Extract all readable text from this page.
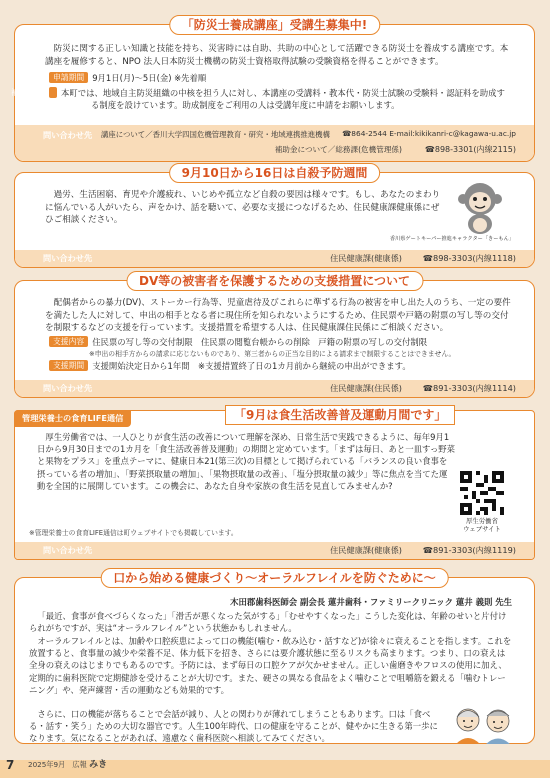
「防災士養成講座」受講生募集中!
防災に関する正しい知識と技能を持ち、災害時には自助、共助の中心として活躍できる防災士を養成する講座です。本講座を履修すると、NPO 法人日本防災士機構の防災士資格取得試験の受験資格を得ることができます。
申請期間 9月1日(月)〜5日(金) ※先着順
補 助 金	本町では、地域自主防災組織の中核を担う人に対し、本講座の受講料・教本代・防災士試験の受験料・認証料を助成する制度を設けています。助成制度をご利用の人は受講年度に申請をお願いします。
問い合わせ先 講座について／香川大学四国危機管理教育・研究・地域連携推進機構 ☎864-2544 E-mail:kikikanri-c@kagawa-u.ac.jp
補助金について／総務課(危機管理係)	☎898-3301(内線2115)
9月10日から16日は自殺予防週間
過労、生活困窮、育児や介護疲れ、いじめや孤立など自殺の要因は様々です。もし、あなたのまわりに悩んでいる人がいたら、声をかけ、話を聴いて、必要な支援につなげるため、住民健康課健康係にぜひご相談ください。
香川県ゲートキーパー推進キャラクター「きーもん」
問い合わせ先	住民健康課(健康係)	☎898-3303(内線1118)
DV等の被害者を保護するための支援措置について
配偶者からの暴力(DV)、ストーカー行為等、児童虐待及びこれらに準ずる行為の被害を申し出た人のうち、一定の要件を満たした人に対して、申出の相手となる者に現住所を知られないようにするため、住民票や戸籍の附票の写し等の交付を制限するなどの支援を行っています。支援措置を希望する人は、住民健康課住民係にご相談ください。
支援内容 住民票の写し等の交付制限　住民票の閲覧台帳からの削除　戸籍の附票の写しの交付制限
※申出の相手方からの請求に応じないものであり、第三者からの正当な目的による請求まで制限することはできません。
支援期間 支援開始決定日から1年間　※支援措置終了日の1カ月前から継続の申出ができます。
問い合わせ先	住民健康課(住民係)	☎891-3303(内線1114)
管理栄養士の食育LIFE通信	「9月は食生活改善普及運動月間です」
厚生労働省では、一人ひとりが食生活の改善について理解を深め、日常生活で実践できるように、毎年9月1日から9月30日までの1カ月を「食生活改善普及運動」の期間と定めています。「まずは毎日、あと一皿すっ野菜と果物をプラス」を重点テーマに、健康日本21(第三次)の目標として掲げられている「バランスの良い食事を摂っている者の増加」、「野菜摂取量の増加」、「果物摂取量の改善」、「塩分摂取量の減少」等に焦点を当てた運動を全国的に展開しています。この機会に、あなた自身や家族の食生活を見直してみませんか?
厚生労働省
ウェブサイト
※管理栄養士の食育LIFE通信は町ウェブサイトでも掲載しています。
問い合わせ先	住民健康課(健康係)	☎891-3303(内線1119)
口から始める健康づくり〜オーラルフレイルを防ぐために〜
木田郡歯科医師会 副会長 蓮井歯科・ファミリークリニック 蓮井 義則 先生
「最近、食事が食べづらくなった」「滑舌が悪くなった気がする」「むせやすくなった」こうした変化は、年齢のせいと片付けられがちですが、実は“オーラルフレイル”という状態かもしれません。
オーラルフレイルとは、加齢や口腔疾患によって口の機能(噛む・飲み込む・話すなど)が徐々に衰えることを指します。これを放置すると、食事量の減少や栄養不足、体力低下を招き、さらには要介護状態に至るリスクも高まります。つまり、口の衰えは全身の衰えのはじまりでもあるのです。予防には、まず毎日の口腔ケアが欠かせません。正しい歯磨きやフロスの使用に加え、定期的に歯科医院で定期健診を受けることが大切です。また、硬さの異なる食品をよく噛むことで咀嚼筋を鍛える「噛むトレーニング」や、発声練習・舌の運動なども効果的です。
さらに、口の機能が落ちることで会話が減り、人との関わりが薄れてしまうこともあります。口は「食べる・話す・笑う」ための大切な器官です。人生100年時代、口の健康を守ることが、健やかに生きる第一歩になります。気になることがあれば、遠慮なく歯科医院へ相談してみてください。
7 2025年9月　広報 みき
